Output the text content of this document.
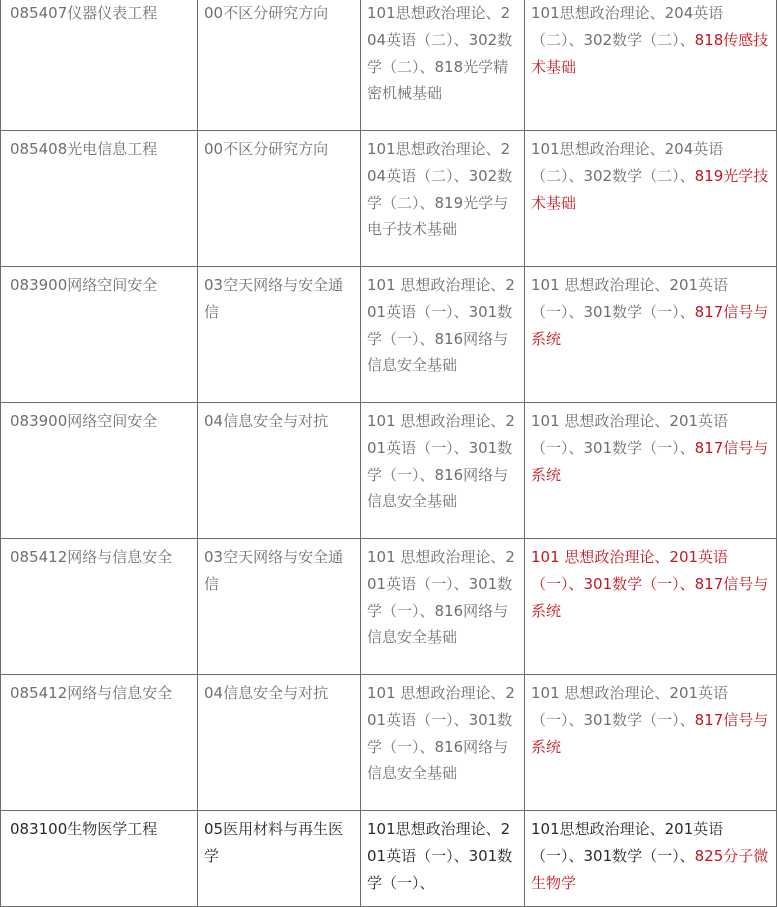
085407仪器仪表工程	00不区分研究方向	101思想政治理论、204英语（二）、302数学（二）、818光学精密机械基础	101思想政治理论、204英语（二）、302数学（二）、818传感技术基础
085408光电信息工程	00不区分研究方向	101思想政治理论、204英语（二）、302数学（二）、819光学与电子技术基础	101思想政治理论、204英语（二）、302数学（二）、819光学技术基础
083900网络空间安全	03空天网络与安全通信	101 思想政治理论、201英语（一）、301数学（一）、816网络与信息安全基础	101 思想政治理论、201英语（一）、301数学（一）、817信号与系统
083900网络空间安全	04信息安全与对抗	101 思想政治理论、201英语（一）、301数学（一）、816网络与信息安全基础	101 思想政治理论、201英语（一）、301数学（一）、817信号与系统
085412网络与信息安全	03空天网络与安全通信	101 思想政治理论、201英语（一）、301数学（一）、816网络与信息安全基础	101 思想政治理论、201英语（一）、301数学（一）、817信号与系统
085412网络与信息安全	04信息安全与对抗	101 思想政治理论、201英语（一）、301数学（一）、816网络与信息安全基础	101 思想政治理论、201英语（一）、301数学（一）、817信号与系统
083100生物医学工程	05医用材料与再生医学	101思想政治理论、201英语（一）、301数学（一）、	101思想政治理论、201英语（一）、301数学（一）、825分子微生物学
